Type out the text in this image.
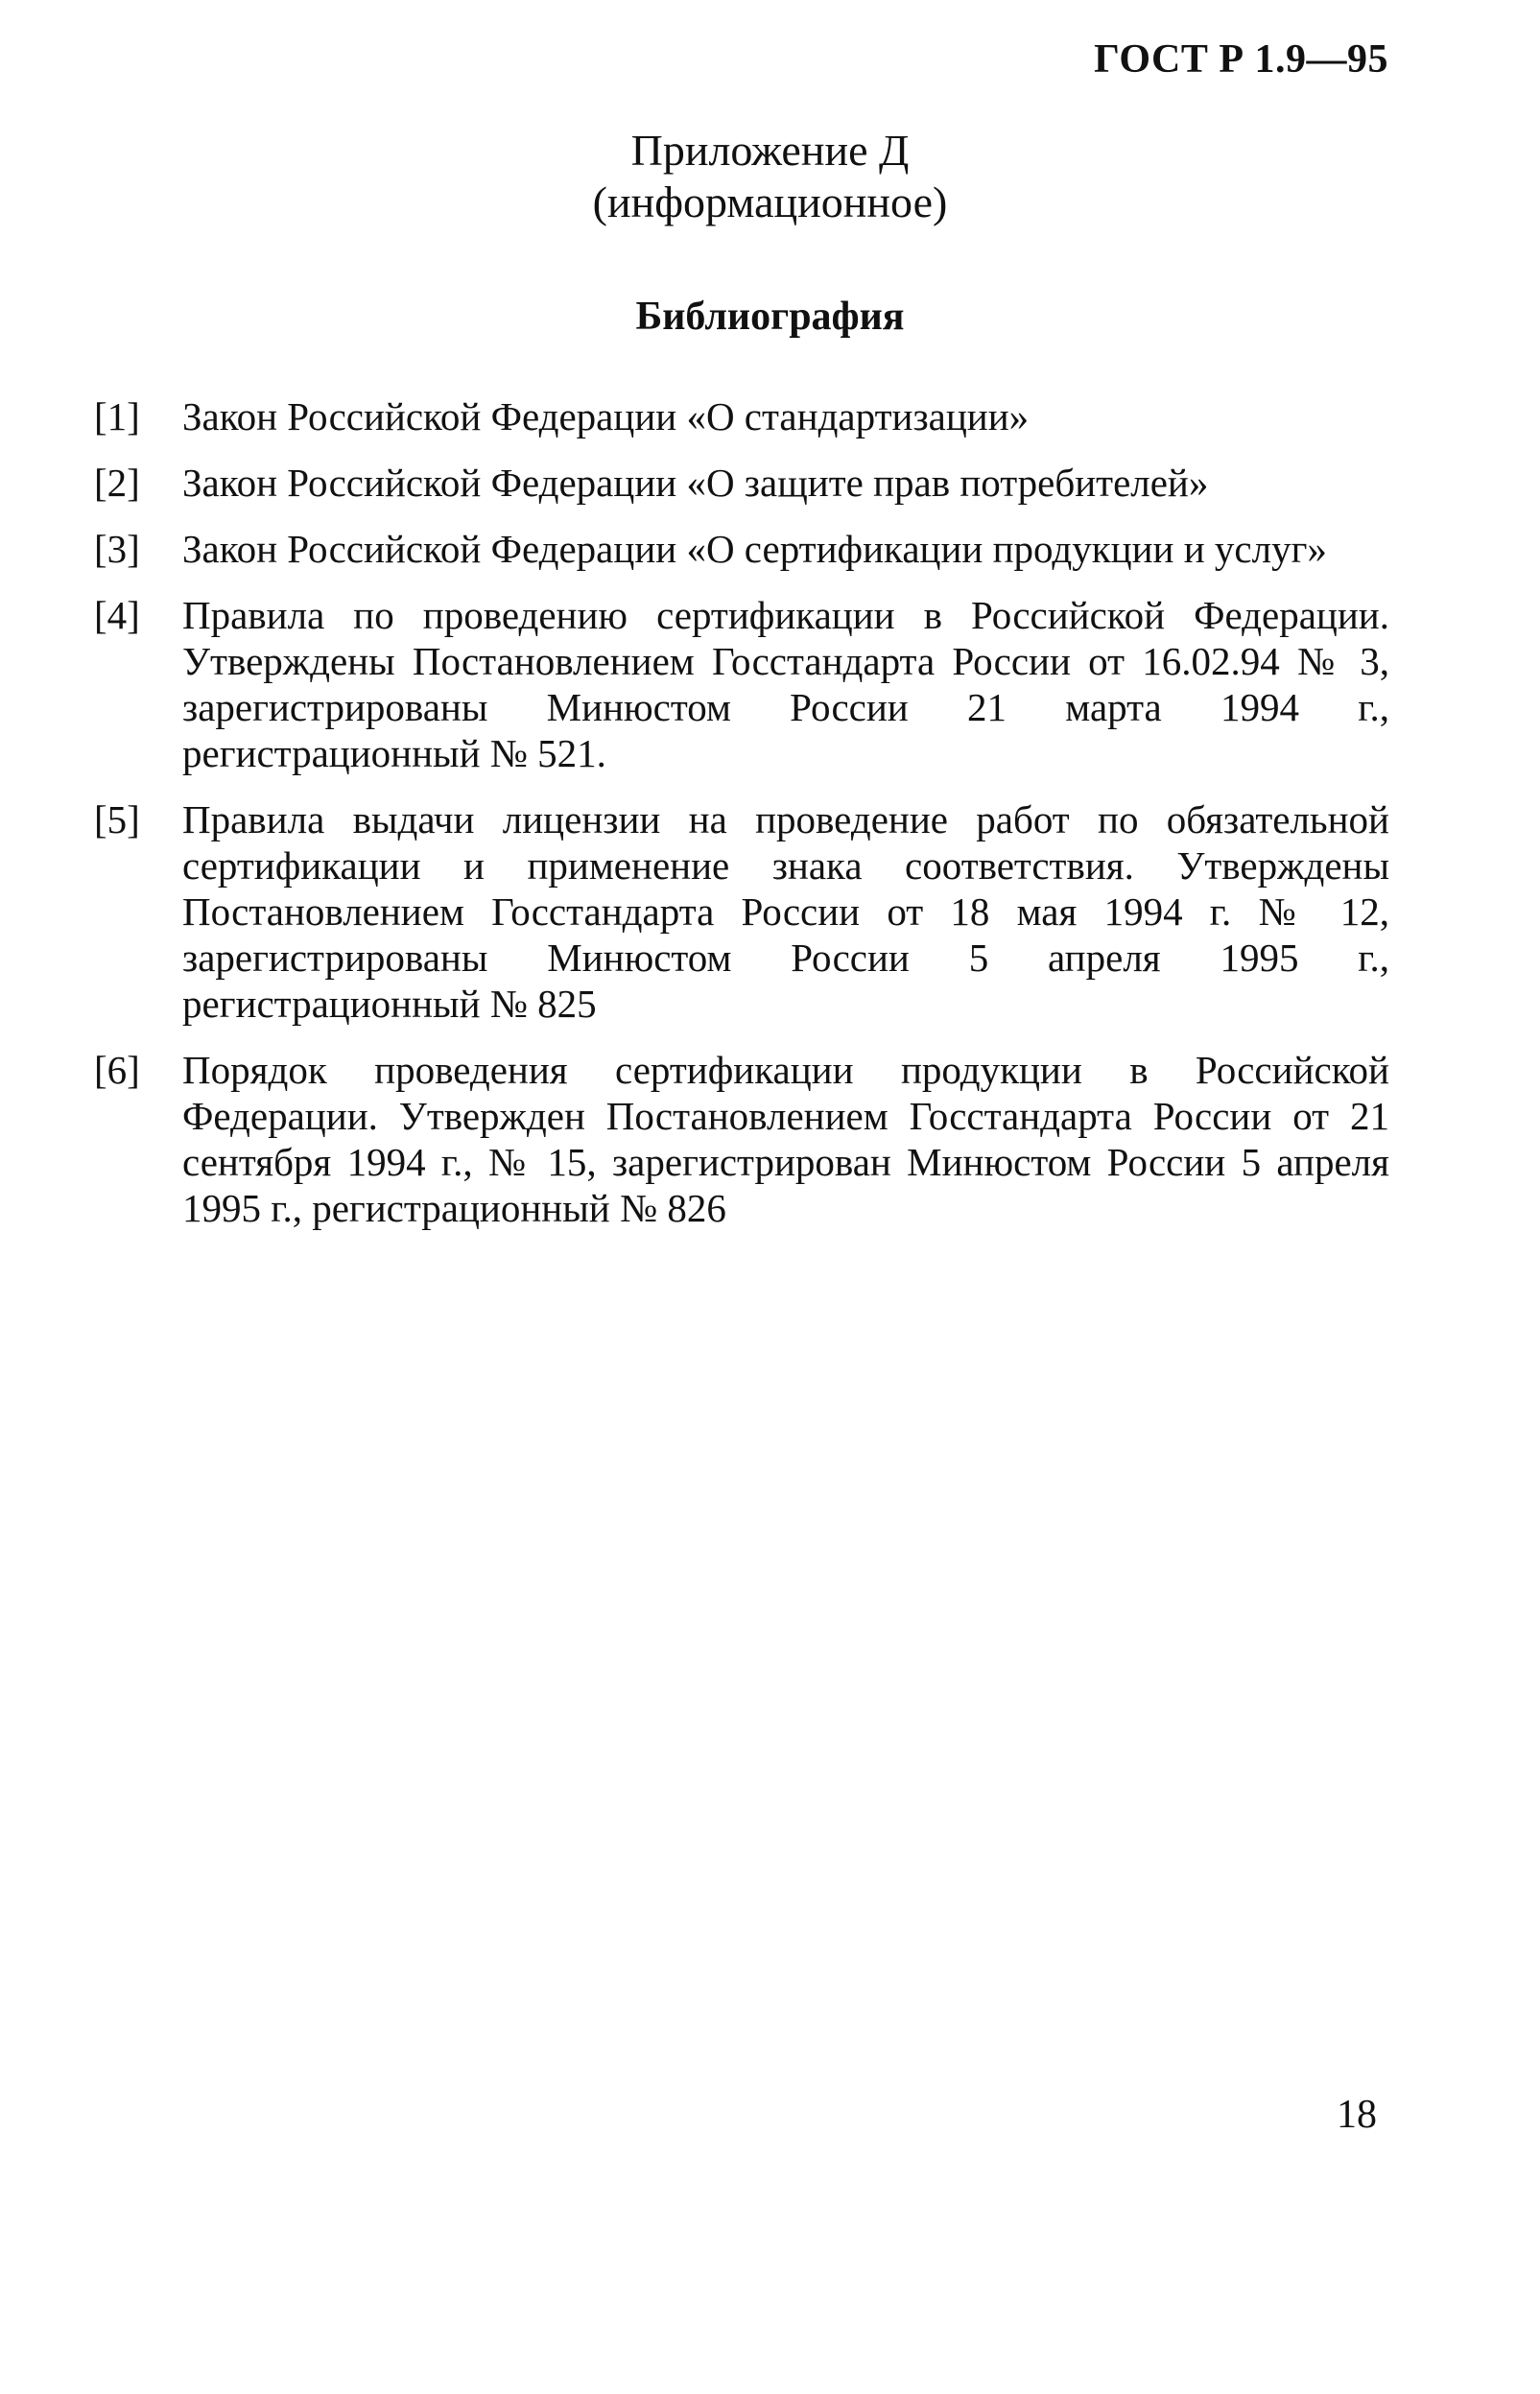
ГОСТ Р 1.9—95
Приложение Д
(информационное)
Библиография
[1]	Закон Российской Федерации «О стандартизации»
[2]	Закон Российской Федерации «О защите прав потребителей»
[3]	Закон Российской Федерации «О сертификации продукции и услуг»
[4]	Правила по проведению сертификации в Российской Федерации. Утверждены Постановлением Госстандарта России от 16.02.94 № 3, зарегистрированы Минюстом России 21 марта 1994 г., регистрационный № 521.
[5]	Правила выдачи лицензии на проведение работ по обязательной сертификации и применение знака соответствия. Утверждены Постановлением Госстандарта России от 18 мая 1994 г. № 12, зарегистрированы Минюстом России 5 апреля 1995 г., регистрационный № 825
[6]	Порядок проведения сертификации продукции в Российской Федерации. Утвержден Постановлением Госстандарта России от 21 сентября 1994 г., № 15, зарегистрирован Минюстом России 5 апреля 1995 г., регистрационный № 826
18
